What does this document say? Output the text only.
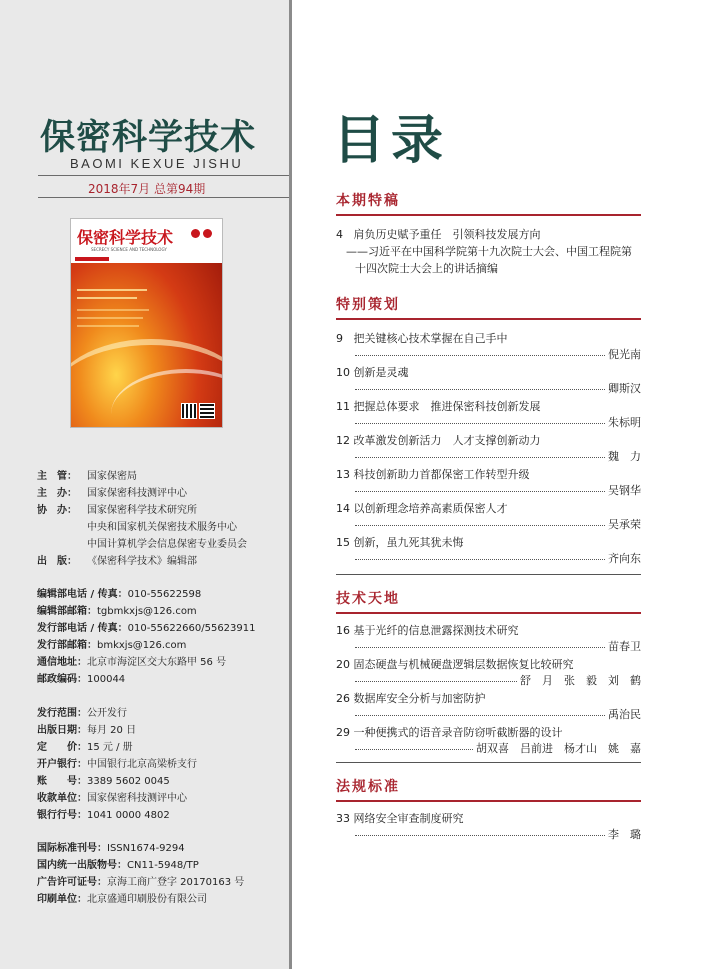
保密科学技术
BAOMI KEXUE JISHU
2018年7月 总第94期
保密科学技术
SECRECY SCIENCE AND TECHNOLOGY
主　管： 国家保密局
主　办： 国家保密科技测评中心
协　办： 国家保密科学技术研究所
中央和国家机关保密技术服务中心
中国计算机学会信息保密专业委员会
出　版： 《保密科学技术》编辑部
编辑部电话 / 传真：010-55622598
编辑部邮箱：tgbmkxjs@126.com
发行部电话 / 传真：010-55622660/55623911
发行部邮箱：bmkxjs@126.com
通信地址：北京市海淀区交大东路甲 56 号
邮政编码：100044
发行范围：公开发行
出版日期：每月 20 日
定　　价：15 元 / 册
开户银行：中国银行北京高梁桥支行
账　　号：3389 5602 0045
收款单位：国家保密科技测评中心
银行行号：1041 0000 4802
国际标准刊号：ISSN1674-9294
国内统一出版物号：CN11-5948/TP
广告许可证号：京海工商广登字 20170163 号
印刷单位：北京盛通印刷股份有限公司
目录
本期特稿
4 肩负历史赋予重任　引领科技发展方向
——习近平在中国科学院第十九次院士大会、中国工程院第
十四次院士大会上的讲话摘编
特别策划
9 把关键核心技术掌握在自己手中
倪光南
10 创新是灵魂
卿斯汉
11 把握总体要求　推进保密科技创新发展
朱标明
12 改革激发创新活力　人才支撑创新动力
魏　力
13 科技创新助力首都保密工作转型升级
吴钢华
14 以创新理念培养高素质保密人才
吴承荣
15 创新，虽九死其犹未悔
齐向东
技术天地
16 基于光纤的信息泄露探测技术研究
苗春卫
20 固态硬盘与机械硬盘逻辑层数据恢复比较研究
舒　月　张　毅　刘　鹤
26 数据库安全分析与加密防护
禹治民
29 一种便携式的语音录音防窃听截断器的设计
胡双喜　吕前进　杨才山　姚　嘉
法规标准
33 网络安全审查制度研究
李　璐
